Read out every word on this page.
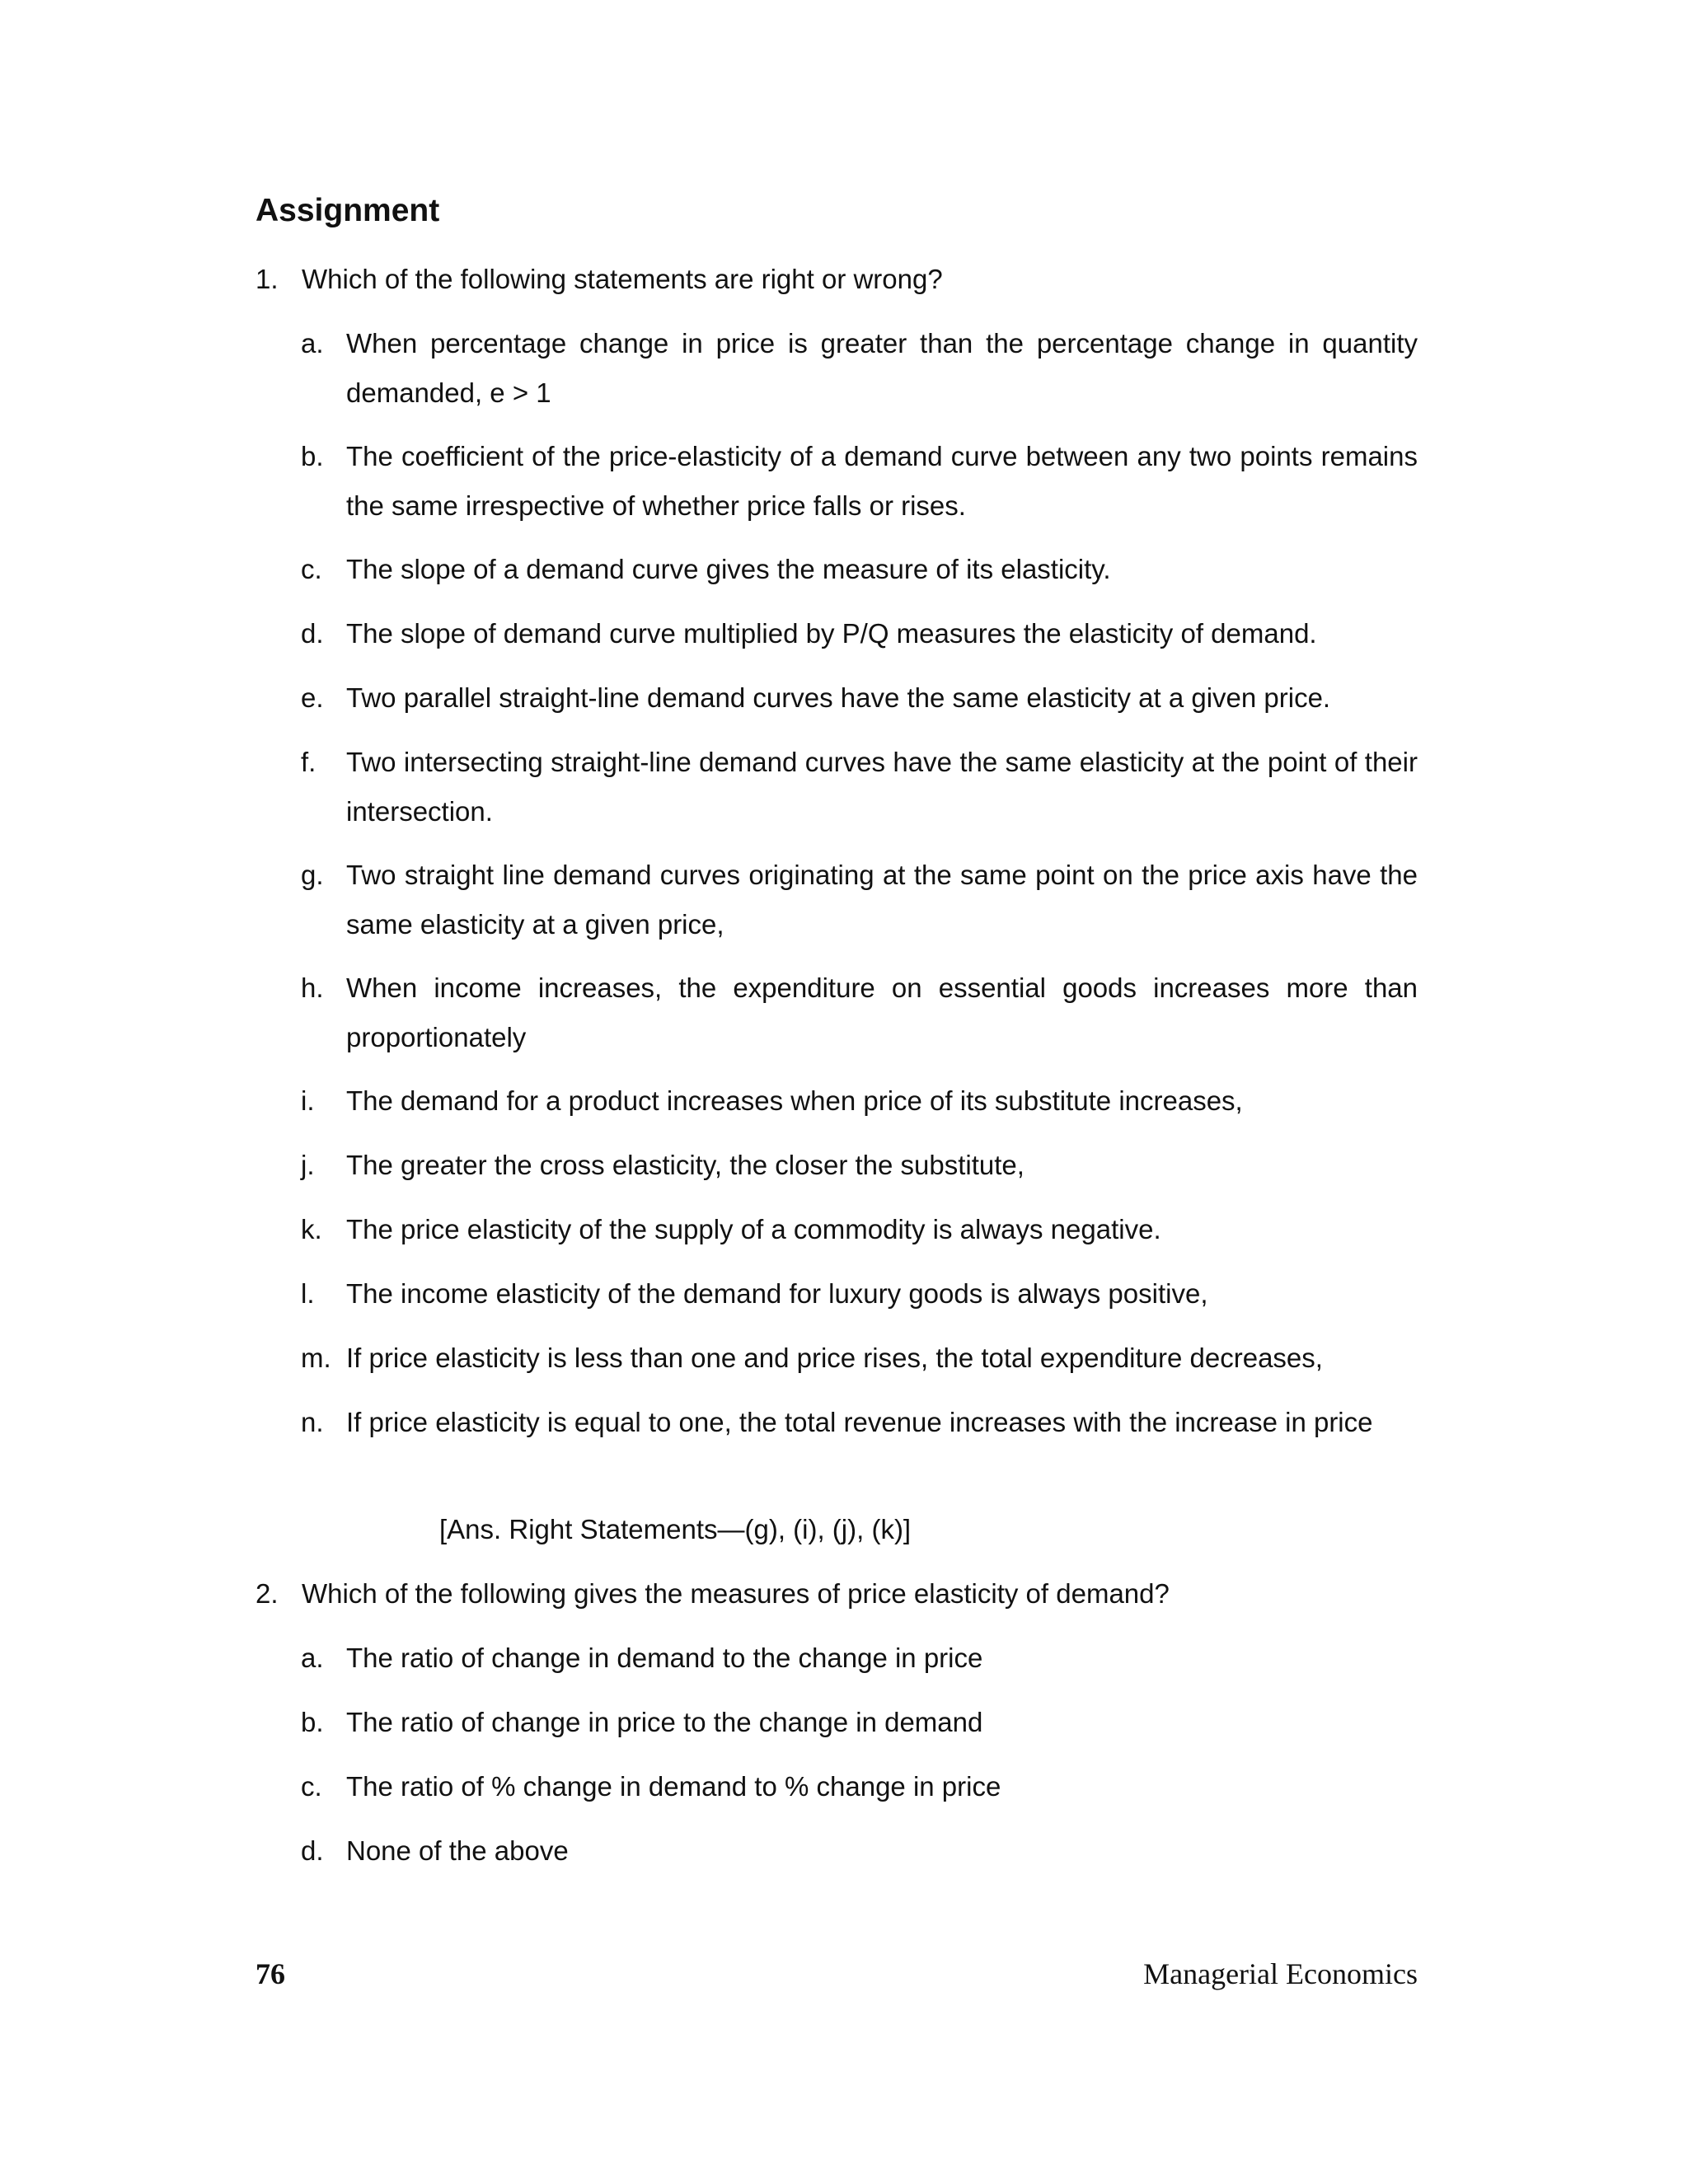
Assignment
1. Which of the following statements are right or wrong?
a. When percentage change in price is greater than the percentage change in quantity demanded, e > 1
b. The coefficient of the price-elasticity of a demand curve between any two points remains the same irrespective of whether price falls or rises.
c. The slope of a demand curve gives the measure of its elasticity.
d. The slope of demand curve multiplied by P/Q measures the elasticity of demand.
e. Two parallel straight-line demand curves have the same elasticity at a given price.
f. Two intersecting straight-line demand curves have the same elasticity at the point of their intersection.
g. Two straight line demand curves originating at the same point on the price axis have the same elasticity at a given price,
h. When income increases, the expenditure on essential goods increases more than proportionately
i. The demand for a product increases when price of its substitute increases,
j. The greater the cross elasticity, the closer the substitute,
k. The price elasticity of the supply of a commodity is always negative.
l. The income elasticity of the demand for luxury goods is always positive,
m. If price elasticity is less than one and price rises, the total expenditure decreases,
n. If price elasticity is equal to one, the total revenue increases with the increase in price
[Ans. Right Statements—(g), (i), (j), (k)]
2. Which of the following gives the measures of price elasticity of demand?
a. The ratio of change in demand to the change in price
b. The ratio of change in price to the change in demand
c. The ratio of % change in demand to % change in price
d. None of the above
76	Managerial Economics
